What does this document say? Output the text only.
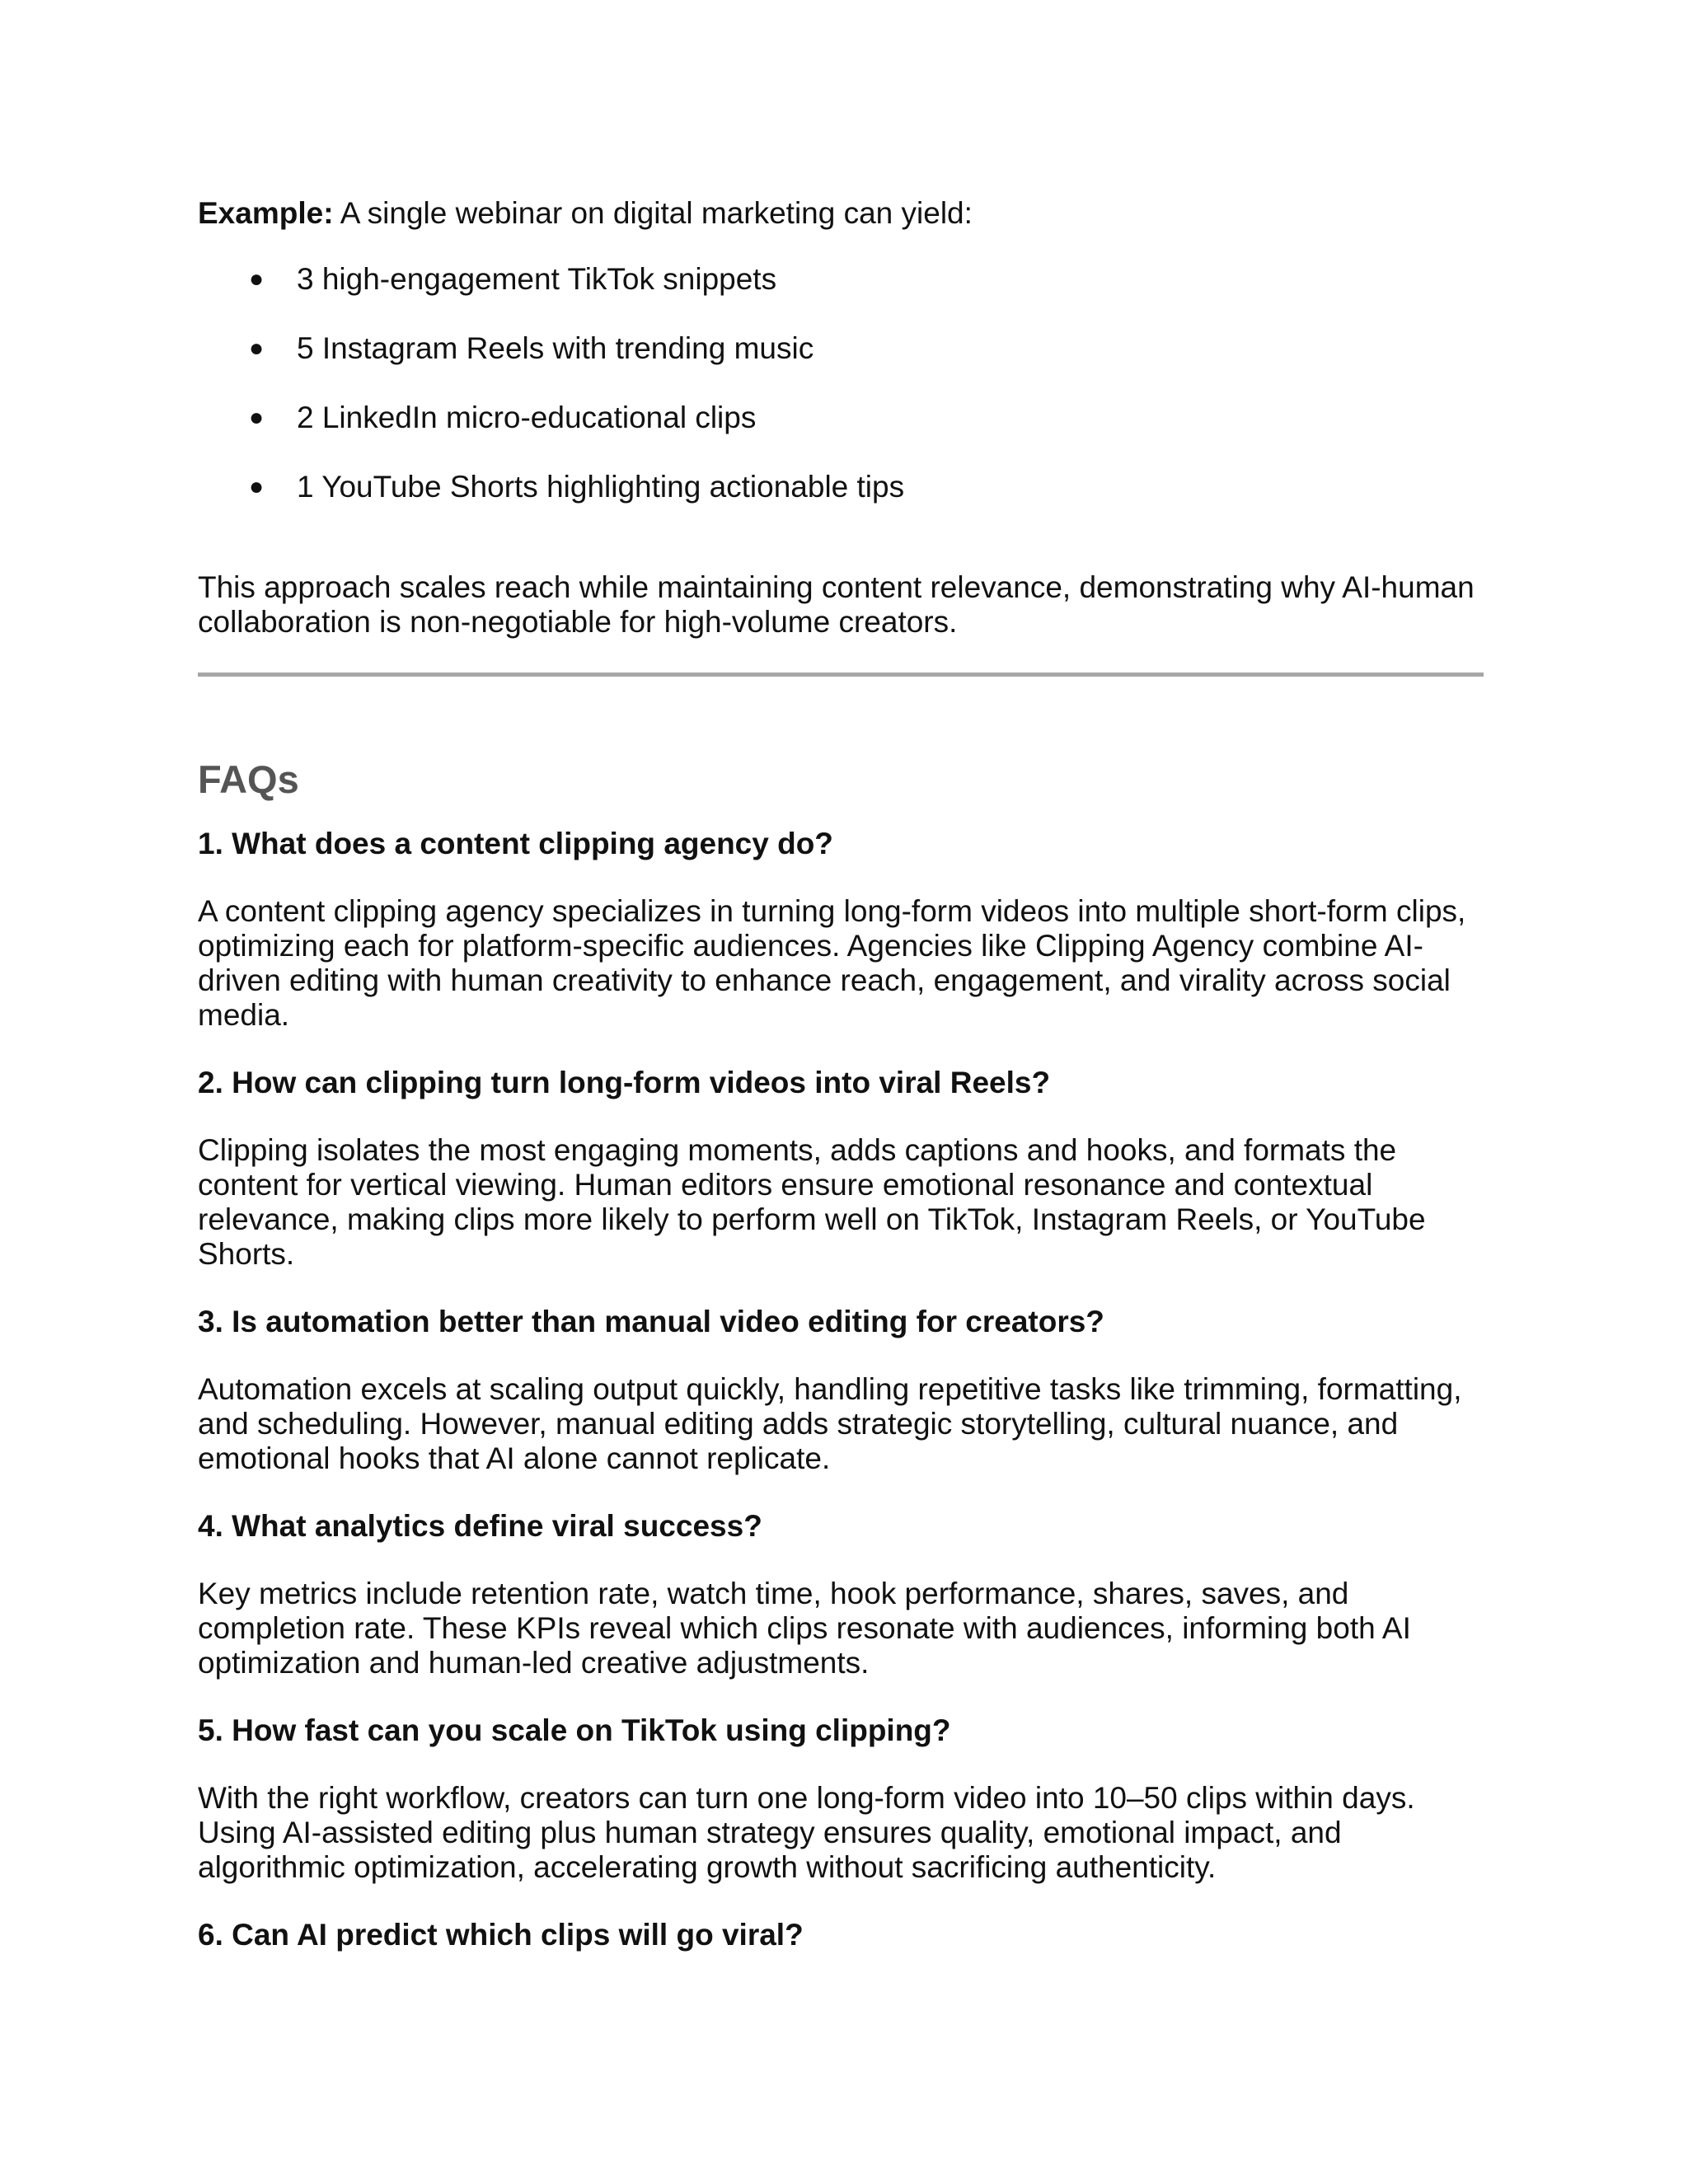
Example: A single webinar on digital marketing can yield:

● 3 high-engagement TikTok snippets
● 5 Instagram Reels with trending music
● 2 LinkedIn micro-educational clips
● 1 YouTube Shorts highlighting actionable tips

This approach scales reach while maintaining content relevance, demonstrating why AI-human collaboration is non-negotiable for high-volume creators.

FAQs

1. What does a content clipping agency do?

A content clipping agency specializes in turning long-form videos into multiple short-form clips, optimizing each for platform-specific audiences. Agencies like Clipping Agency combine AI-driven editing with human creativity to enhance reach, engagement, and virality across social media.

2. How can clipping turn long-form videos into viral Reels?

Clipping isolates the most engaging moments, adds captions and hooks, and formats the content for vertical viewing. Human editors ensure emotional resonance and contextual relevance, making clips more likely to perform well on TikTok, Instagram Reels, or YouTube Shorts.

3. Is automation better than manual video editing for creators?

Automation excels at scaling output quickly, handling repetitive tasks like trimming, formatting, and scheduling. However, manual editing adds strategic storytelling, cultural nuance, and emotional hooks that AI alone cannot replicate.

4. What analytics define viral success?

Key metrics include retention rate, watch time, hook performance, shares, saves, and completion rate. These KPIs reveal which clips resonate with audiences, informing both AI optimization and human-led creative adjustments.

5. How fast can you scale on TikTok using clipping?

With the right workflow, creators can turn one long-form video into 10–50 clips within days. Using AI-assisted editing plus human strategy ensures quality, emotional impact, and algorithmic optimization, accelerating growth without sacrificing authenticity.

6. Can AI predict which clips will go viral?
